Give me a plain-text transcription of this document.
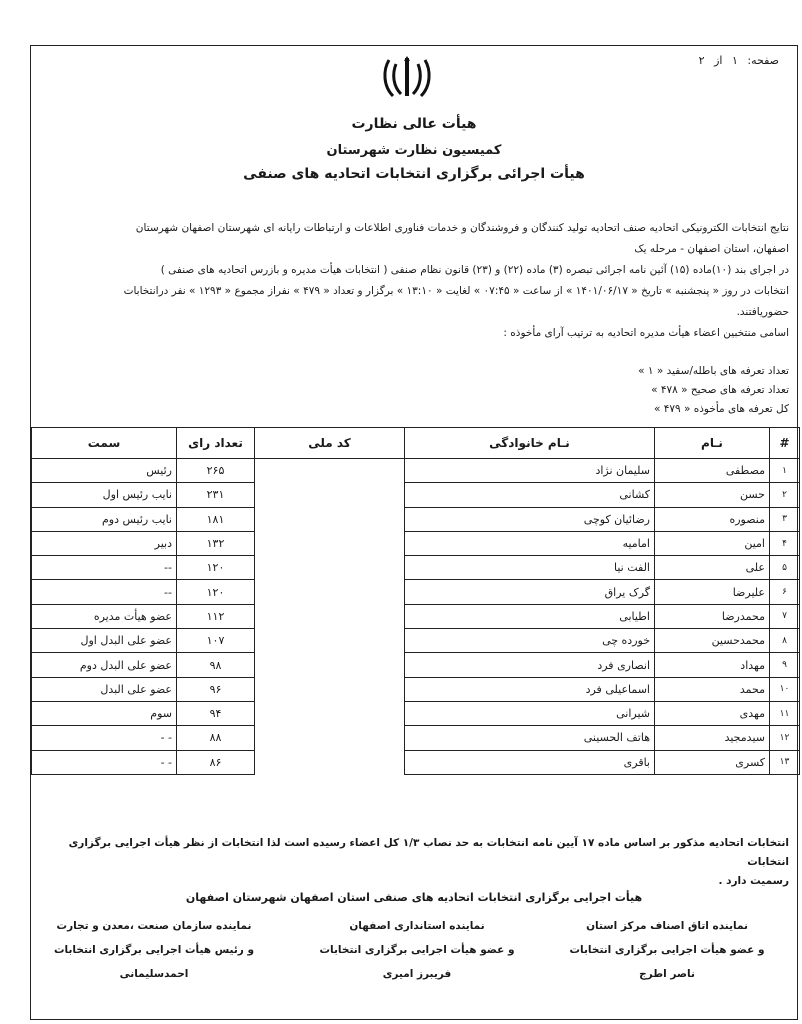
صفحه: ۱ از ۲
هیأت عالی نظارت
کمیسیون نظارت شهرستان
هیأت اجرائی برگزاری انتخابات اتحادیه های صنفی
نتایج انتخابات الکترونیکی اتحادیه صنف اتحادیه تولید کنندگان و فروشندگان و خدمات فناوری اطلاعات و ارتباطات رایانه ای شهرستان اصفهان شهرستان
اصفهان، استان اصفهان - مرحله یک
در اجرای بند (۱۰)ماده (۱۵) آئین نامه اجرائی تبصره (۳) ماده (۲۲) و (۲۳) قانون نظام صنفی ( انتخابات هیأت مدیره و بازرس اتحادیه های صنفی )
انتخابات در روز « پنجشنبه » تاریخ « ۱۴۰۱/۰۶/۱۷ » از ساعت « ۰۷:۴۵ » لغایت « ۱۳:۱۰ » برگزار و تعداد « ۴۷۹ » نفراز مجموع « ۱۲۹۳ » نفر درانتخابات
حضوریافتند.
اسامی منتخبین اعضاء هیأت مدیره اتحادیه به ترتیب آرای مأخوذه :
تعداد تعرفه های باطله/سفید « ۱ »
تعداد تعرفه های صحیح « ۴۷۸ »
کل تعرفه های مأخوذه « ۴۷۹ »
#	نـام	نـام خانوادگی	کد ملی	تعداد رای	سمت
۱	مصطفی	سلیمان نژاد		۲۶۵	رئیس
۲	حسن	کشانی		۲۳۱	نایب رئیس اول
۳	منصوره	رضائیان کوچی		۱۸۱	نایب رئیس دوم
۴	امین	امامیه		۱۳۲	دبیر
۵	علی	الفت نیا		۱۲۰	--
۶	علیرضا	گرک یراق		۱۲۰	--
۷	محمدرضا	اطیابی		۱۱۲	عضو هیأت مدیره
۸	محمدحسین	خورده چی		۱۰۷	عضو علی البدل اول
۹	مهداد	انصاری فرد		۹۸	عضو علی البدل دوم
۱۰	محمد	اسماعیلی فرد		۹۶	عضو علی البدل
۱۱	مهدی	شیرانی		۹۴	سوم
۱۲	سیدمجید	هاتف الحسینی		۸۸	- -
۱۳	کسری	باقری		۸۶	- -
انتخابات اتحادیه مذکور بر اساس ماده ۱۷ آیین نامه انتخابات به حد نصاب ۱/۳ کل اعضاء رسیده است لذا انتخابات از نظر هیأت اجرایی برگزاری انتخابات
رسمیت دارد .
هیأت اجرایی برگزاری انتخابات اتحادیه های صنفی استان اصفهان شهرستان اصفهان
نماینده اتاق اصناف مرکز استان
و عضو هیأت اجرایی برگزاری انتخابات
ناصر اطرج
نماینده استانداری اصفهان
و عضو هیأت اجرایی برگزاری انتخابات
فریبرز امیری
نماینده سازمان صنعت ،معدن و تجارت
و رئیس هیأت اجرایی برگزاری انتخابات
احمدسلیمانی
